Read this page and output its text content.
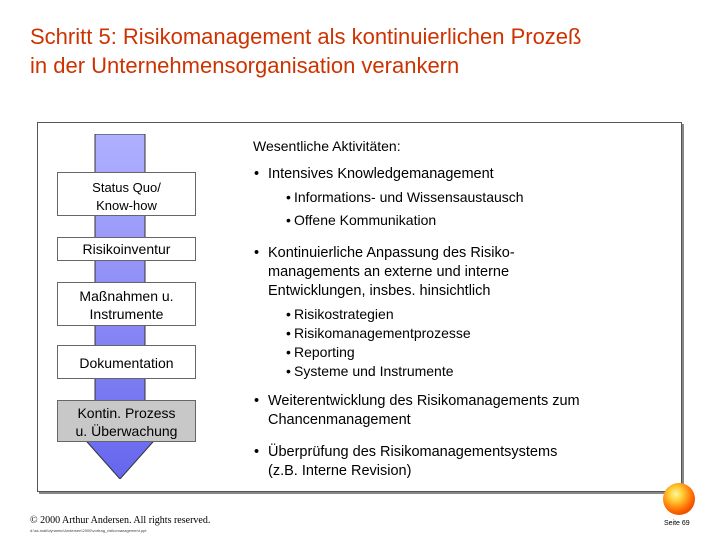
Schritt 5: Risikomanagement als kontinuierlichen Prozeß
in der Unternehmensorganisation verankern
Status Quo/
Know-how
Risikoinventur
Maßnahmen u.
Instrumente
Dokumentation
Kontin. Prozess
u. Überwachung
Wesentliche Aktivitäten:
• Intensives Knowledgemanagement
• Informations- und Wissensaustausch
• Offene Kommunikation
• Kontinuierliche Anpassung des Risiko-
managements an externe und interne
Entwicklungen, insbes. hinsichtlich
• Risikostrategien
• Risikomanagementprozesse
• Reporting
• Systeme und Instrumente
• Weiterentwicklung des Risikomanagements zum
Chancenmanagement
• Überprüfung des Risikomanagementsystems
(z.B. Interne Revision)
© 2000 Arthur Andersen. All rights reserved.
d:\ss-mail\dynamic\Andersen\2000\vortrag_risikomanagement.ppt
Seite 69
